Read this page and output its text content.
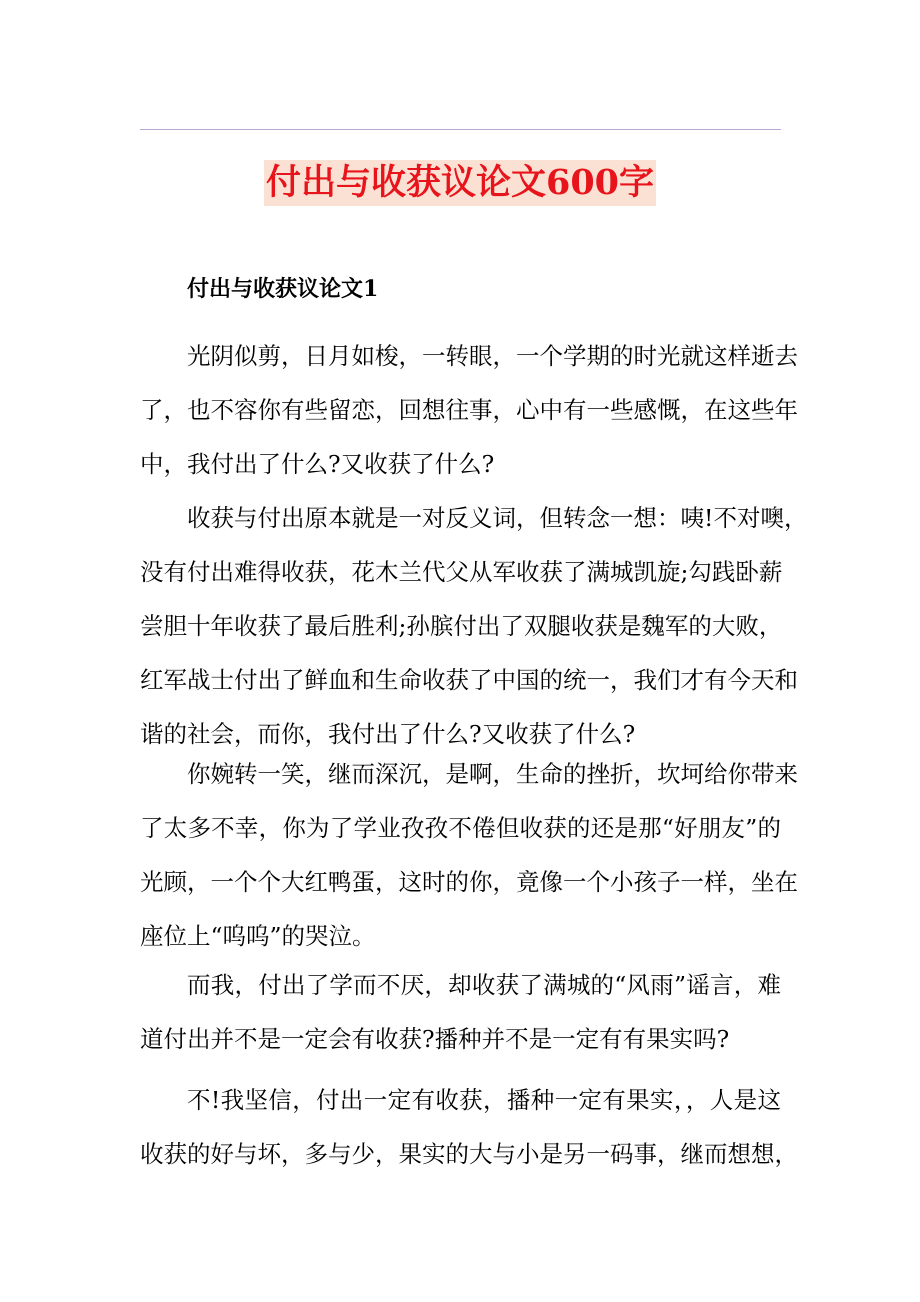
付出与收获议论文600字
付出与收获议论文1
光阴似剪，日月如梭，一转眼，一个学期的时光就这样逝去
了，也不容你有些留恋，回想往事，心中有一些感慨，在这些年
中，我付出了什么?又收获了什么?
收获与付出原本就是一对反义词，但转念一想：咦!不对噢，
没有付出难得收获，花木兰代父从军收获了满城凯旋;勾践卧薪
尝胆十年收获了最后胜利;孙膑付出了双腿收获是魏军的大败，
红军战士付出了鲜血和生命收获了中国的统一，我们才有今天和
谐的社会，而你，我付出了什么?又收获了什么?
你婉转一笑，继而深沉，是啊，生命的挫折，坎坷给你带来
了太多不幸，你为了学业孜孜不倦但收获的还是那“好朋友”的
光顾，一个个大红鸭蛋，这时的你，竟像一个小孩子一样，坐在
座位上“呜呜”的哭泣。
而我，付出了学而不厌，却收获了满城的“风雨”谣言，难
道付出并不是一定会有收获?播种并不是一定有有果实吗?
不!我坚信，付出一定有收获，播种一定有果实，，人是这
收获的好与坏，多与少，果实的大与小是另一码事，继而想想，
